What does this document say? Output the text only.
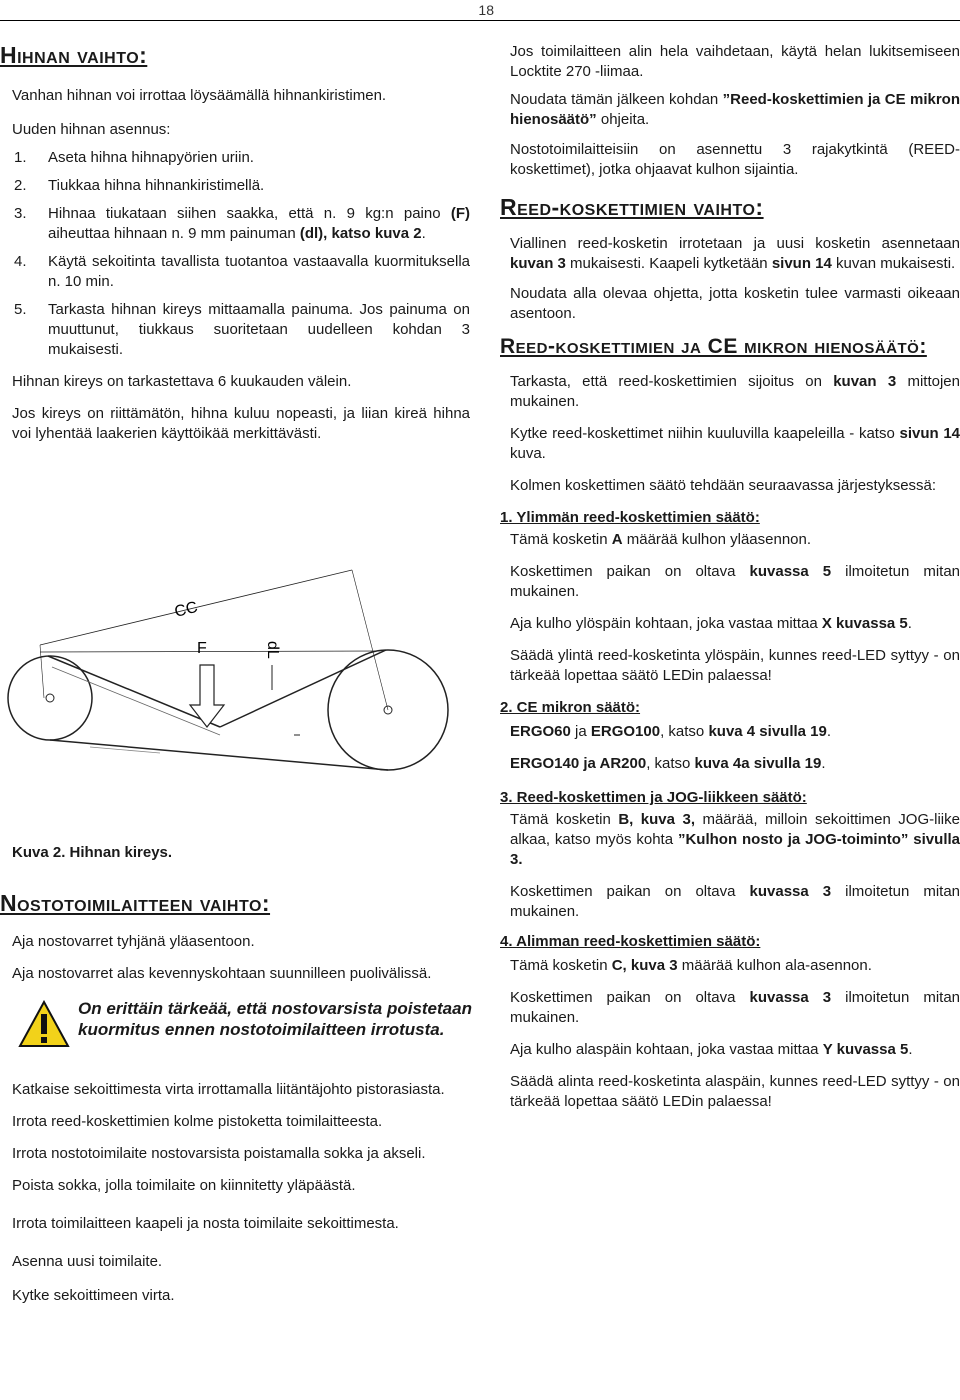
18
Hihnan vaihto:
Vanhan hihnan voi irrottaa löysäämällä hihnankiristimen.
Uuden hihnan asennus:
1. Aseta hihna hihnapyörien uriin.
2. Tiukkaa hihna hihnankiristimellä.
3. Hihnaa tiukataan siihen saakka, että n. 9 kg:n paino (F) aiheuttaa hihnaan n. 9 mm painuman (dl), katso kuva 2.
4. Käytä sekoitinta tavallista tuotantoa vastaavalla kuormituksella n. 10 min.
5. Tarkasta hihnan kireys mittaamalla painuma. Jos painuma on muuttunut, tiukkaus suoritetaan uudelleen kohdan 3 mukaisesti.
Hihnan kireys on tarkastettava 6 kuukauden välein.
Jos kireys on riittämätön, hihna kuluu nopeasti, ja liian kireä hihna voi lyhentää laakerien käyttöikää merkittävästi.
CC
F	dL
Kuva 2. Hihnan kireys.
Nostotoimilaitteen vaihto:
Aja nostovarret tyhjänä yläasentoon.
Aja nostovarret alas kevennyskohtaan suunnilleen puolivälissä.
On erittäin tärkeää, että nostovarsista poistetaan kuormitus ennen nostotoimilaitteen irrotusta.
Katkaise sekoittimesta virta irrottamalla liitäntäjohto pistorasiasta.
Irrota reed-koskettimien kolme pistoketta toimilaitteesta.
Irrota nostotoimilaite nostovarsista poistamalla sokka ja akseli.
Poista sokka, jolla toimilaite on kiinnitetty yläpäästä.
Irrota toimilaitteen kaapeli ja nosta toimilaite sekoittimesta.
Asenna uusi toimilaite.
Kytke sekoittimeen virta.
Jos toimilaitteen alin hela vaihdetaan, käytä helan lukitsemiseen Locktite 270 -liimaa.
Noudata tämän jälkeen kohdan ”Reed-koskettimien ja CE mikron hienosäätö” ohjeita.
Nostotoimilaitteisiin on asennettu 3 rajakytkintä (REED-koskettimet), jotka ohjaavat kulhon sijaintia.
Reed-koskettimien vaihto:
Viallinen reed-kosketin irrotetaan ja uusi kosketin asennetaan kuvan 3 mukaisesti. Kaapeli kytketään sivun 14 kuvan mukaisesti.
Noudata alla olevaa ohjetta, jotta kosketin tulee varmasti oikeaan asentoon.
Reed-koskettimien ja CE mikron hienosäätö:
Tarkasta, että reed-koskettimien sijoitus on kuvan 3 mittojen mukainen.
Kytke reed-koskettimet niihin kuuluvilla kaapeleilla - katso sivun 14 kuva.
Kolmen koskettimen säätö tehdään seuraavassa järjestyksessä:
1. Ylimmän reed-koskettimien säätö:
Tämä kosketin A määrää kulhon yläasennon.
Koskettimen paikan on oltava kuvassa 5 ilmoitetun mitan mukainen.
Aja kulho ylöspäin kohtaan, joka vastaa mittaa X kuvassa 5.
Säädä ylintä reed-kosketinta ylöspäin, kunnes reed-LED syttyy - on tärkeää lopettaa säätö LEDin palaessa!
2. CE mikron säätö:
ERGO60 ja ERGO100, katso kuva 4 sivulla 19.
ERGO140 ja AR200, katso kuva 4a sivulla 19.
3. Reed-koskettimen ja JOG-liikkeen säätö:
Tämä kosketin B, kuva 3, määrää, milloin sekoittimen JOG-liike alkaa, katso myös kohta ”Kulhon nosto ja JOG-toiminto” sivulla 3.
Koskettimen paikan on oltava kuvassa 3 ilmoitetun mitan mukainen.
4. Alimman reed-koskettimien säätö:
Tämä kosketin C, kuva 3 määrää kulhon ala-asennon.
Koskettimen paikan on oltava kuvassa 3 ilmoitetun mitan mukainen.
Aja kulho alaspäin kohtaan, joka vastaa mittaa Y kuvassa 5.
Säädä alinta reed-kosketinta alaspäin, kunnes reed-LED syttyy - on tärkeää lopettaa säätö LEDin palaessa!
